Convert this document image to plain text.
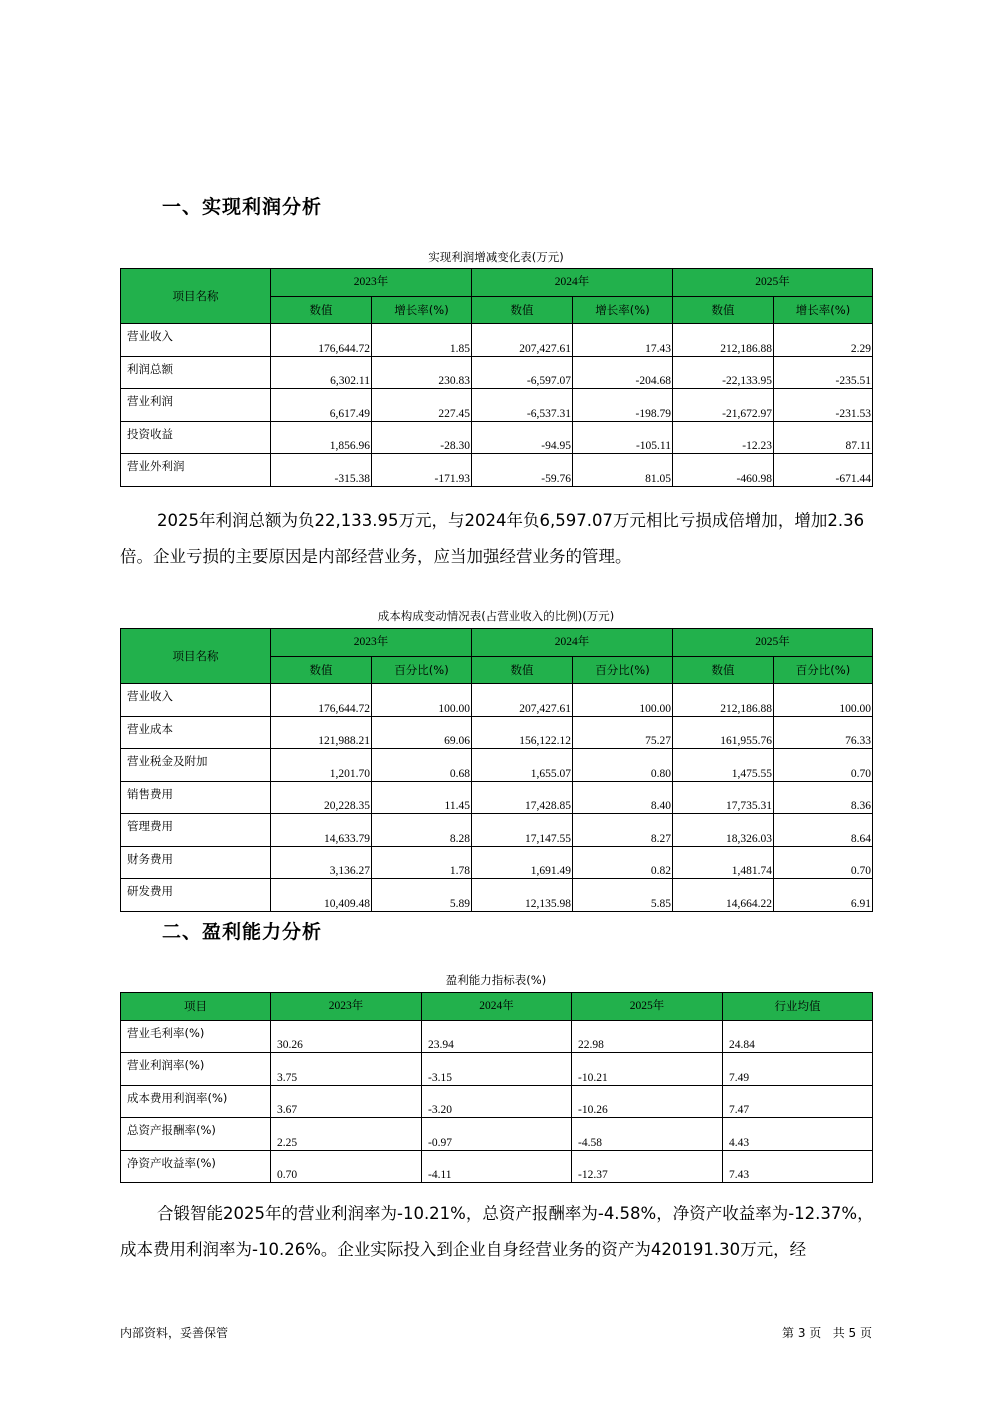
一、实现利润分析
实现利润增减变化表(万元)
项目名称	2023年		2024年		2025年	
	数值	增长率(%)	数值	增长率(%)	数值	增长率(%)
营业收入	176,644.72	1.85	207,427.61	17.43	212,186.88	2.29
利润总额	6,302.11	230.83	-6,597.07	-204.68	-22,133.95	-235.51
营业利润	6,617.49	227.45	-6,537.31	-198.79	-21,672.97	-231.53
投资收益	1,856.96	-28.30	-94.95	-105.11	-12.23	87.11
营业外利润	-315.38	-171.93	-59.76	81.05	-460.98	-671.44
2025年利润总额为负22,133.95万元，与2024年负6,597.07万元相比亏损成倍增加，增加2.36倍。企业亏损的主要原因是内部经营业务，应当加强经营业务的管理。
成本构成变动情况表(占营业收入的比例)(万元)
项目名称	2023年		2024年		2025年	
	数值	百分比(%)	数值	百分比(%)	数值	百分比(%)
营业收入	176,644.72	100.00	207,427.61	100.00	212,186.88	100.00
营业成本	121,988.21	69.06	156,122.12	75.27	161,955.76	76.33
营业税金及附加	1,201.70	0.68	1,655.07	0.80	1,475.55	0.70
销售费用	20,228.35	11.45	17,428.85	8.40	17,735.31	8.36
管理费用	14,633.79	8.28	17,147.55	8.27	18,326.03	8.64
财务费用	3,136.27	1.78	1,691.49	0.82	1,481.74	0.70
研发费用	10,409.48	5.89	12,135.98	5.85	14,664.22	6.91
二、盈利能力分析
盈利能力指标表(%)
项目	2023年	2024年	2025年	行业均值
营业毛利率(%)	30.26	23.94	22.98	24.84
营业利润率(%)	3.75	-3.15	-10.21	7.49
成本费用利润率(%)	3.67	-3.20	-10.26	7.47
总资产报酬率(%)	2.25	-0.97	-4.58	4.43
净资产收益率(%)	0.70	-4.11	-12.37	7.43
合锻智能2025年的营业利润率为-10.21%，总资产报酬率为-4.58%，净资产收益率为-12.37%，成本费用利润率为-10.26%。企业实际投入到企业自身经营业务的资产为420191.30万元，经
内部资料，妥善保管	第 3 页   共 5 页
